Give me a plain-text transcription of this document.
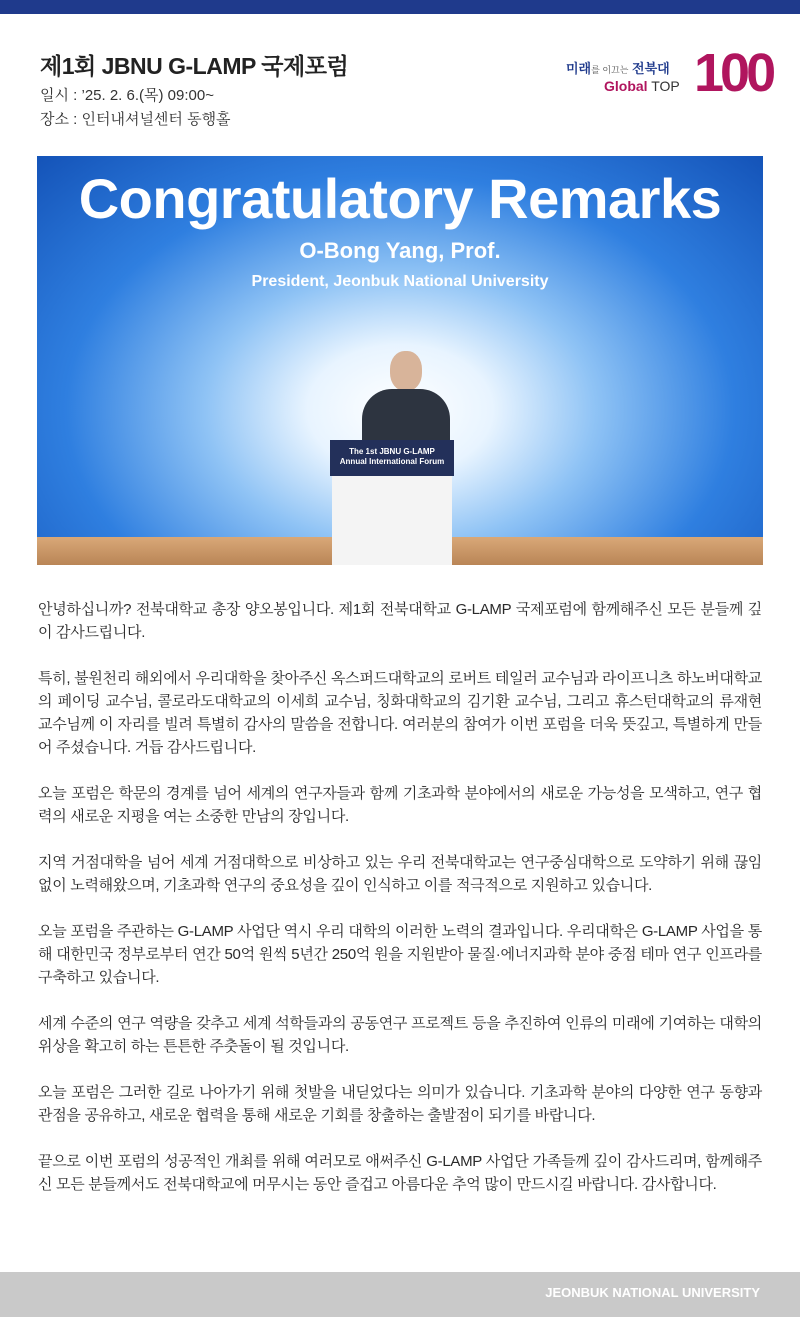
제1회 JBNU G-LAMP 국제포럼
일시 : ’25. 2. 6.(목) 09:00~
장소 : 인터내셔널센터 동행홀
미래를 이끄는 전북대
Global TOP 100
Congratulatory Remarks
O-Bong Yang, Prof.
President, Jeonbuk National University
The 1st JBNU G-LAMP
Annual International Forum

안녕하십니까? 전북대학교 총장 양오봉입니다. 제1회 전북대학교 G-LAMP 국제포럼에 함께해주신 모든 분들께 깊이 감사드립니다.

특히, 불원천리 해외에서 우리대학을 찾아주신 옥스퍼드대학교의 로버트 테일러 교수님과 라이프니츠 하노버대학교의 페이딩 교수님, 콜로라도대학교의 이세희 교수님, 칭화대학교의 김기환 교수님, 그리고 휴스턴대학교의 류재현 교수님께 이 자리를 빌려 특별히 감사의 말씀을 전합니다. 여러분의 참여가 이번 포럼을 더욱 뜻깊고, 특별하게 만들어 주셨습니다. 거듭 감사드립니다.

오늘 포럼은 학문의 경계를 넘어 세계의 연구자들과 함께 기초과학 분야에서의 새로운 가능성을 모색하고, 연구 협력의 새로운 지평을 여는 소중한 만남의 장입니다.

지역 거점대학을 넘어 세계 거점대학으로 비상하고 있는 우리 전북대학교는 연구중심대학으로 도약하기 위해 끊임없이 노력해왔으며, 기초과학 연구의 중요성을 깊이 인식하고 이를 적극적으로 지원하고 있습니다.

오늘 포럼을 주관하는 G-LAMP 사업단 역시 우리 대학의 이러한 노력의 결과입니다. 우리대학은 G-LAMP 사업을 통해 대한민국 정부로부터 연간 50억 원씩 5년간 250억 원을 지원받아 물질·에너지과학 분야 중점 테마 연구 인프라를 구축하고 있습니다.

세계 수준의 연구 역량을 갖추고 세계 석학들과의 공동연구 프로젝트 등을 추진하여 인류의 미래에 기여하는 대학의 위상을 확고히 하는 튼튼한 주춧돌이 될 것입니다.

오늘 포럼은 그러한 길로 나아가기 위해 첫발을 내딛었다는 의미가 있습니다. 기초과학 분야의 다양한 연구 동향과 관점을 공유하고, 새로운 협력을 통해 새로운 기회를 창출하는 출발점이 되기를 바랍니다.

끝으로 이번 포럼의 성공적인 개최를 위해 여러모로 애써주신 G-LAMP 사업단 가족들께 깊이 감사드리며, 함께해주신 모든 분들께서도 전북대학교에 머무시는 동안 즐겁고 아름다운 추억 많이 만드시길 바랍니다. 감사합니다.

JEONBUK NATIONAL UNIVERSITY
